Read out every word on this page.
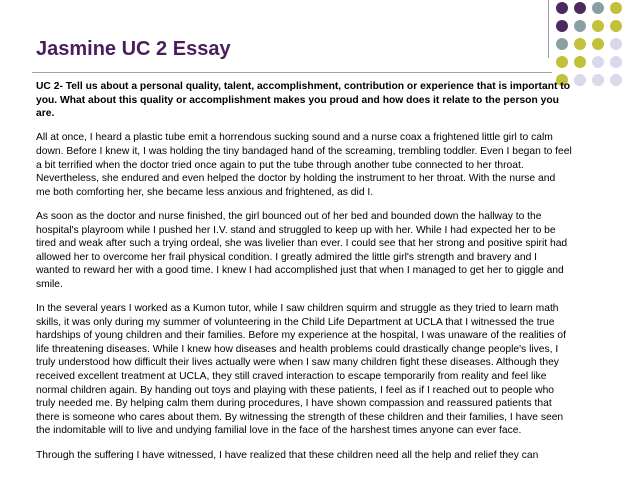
Jasmine UC 2 Essay

UC 2- Tell us about a personal quality, talent, accomplishment, contribution or experience that is important to you. What about this quality or accomplishment makes you proud and how does it relate to the person you are.

All at once, I heard a plastic tube emit a horrendous sucking sound and a nurse coax a frightened little girl to calm down. Before I knew it, I was holding the tiny bandaged hand of the screaming, trembling toddler. Even I began to feel a bit terrified when the doctor tried once again to put the tube through another tube connected to her throat. Nevertheless, she endured and even helped the doctor by holding the instrument to her throat. With the nurse and me both comforting her, she became less anxious and frightened, as did I.

As soon as the doctor and nurse finished, the girl bounced out of her bed and bounded down the hallway to the hospital's playroom while I pushed her I.V. stand and struggled to keep up with her. While I had expected her to be tired and weak after such a trying ordeal, she was livelier than ever. I could see that her strong and positive spirit had allowed her to overcome her frail physical condition. I greatly admired the little girl's strength and bravery and I wanted to reward her with a good time. I knew I had accomplished just that when I managed to get her to giggle and smile.

In the several years I worked as a Kumon tutor, while I saw children squirm and struggle as they tried to learn math skills, it was only during my summer of volunteering in the Child Life Department at UCLA that I witnessed the true hardships of young children and their families. Before my experience at the hospital, I was unaware of the realities of life threatening diseases. While I knew how diseases and health problems could drastically change people's lives, I truly understood how difficult their lives actually were when I saw many children fight these diseases. Although they received excellent treatment at UCLA, they still craved interaction to escape temporarily from reality and feel like normal children again. By handing out toys and playing with these patients, I feel as if I reached out to people who truly needed me. By helping calm them during procedures, I have shown compassion and reassured patients that there is someone who cares about them. By witnessing the strength of these children and their families, I have seen the indomitable will to live and undying familial love in the face of the harshest times anyone can ever face.

Through the suffering I have witnessed, I have realized that these children need all the help and relief they can
